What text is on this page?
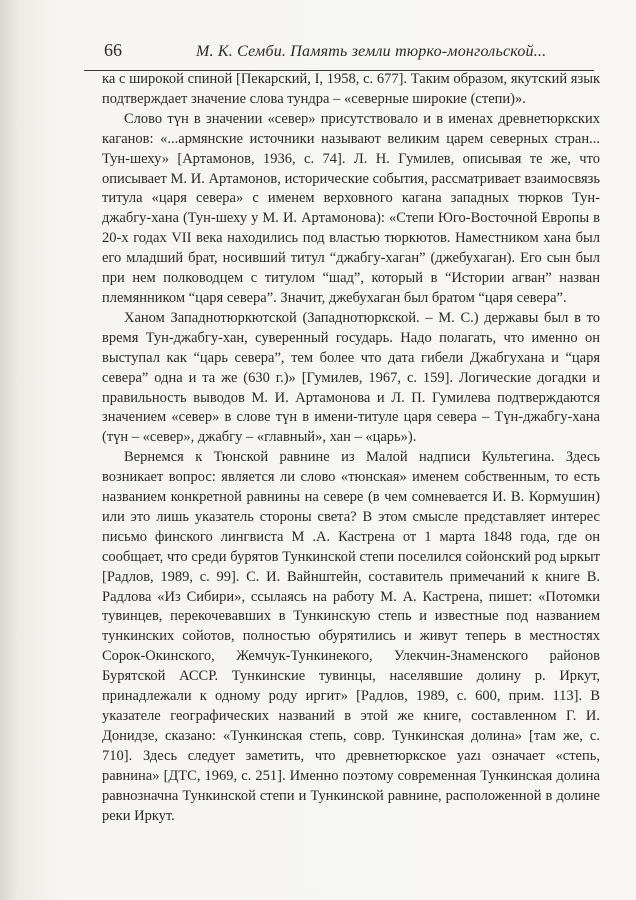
66	М. К. Семби. Память земли тюрко-монгольской...

ка с широкой спиной [Пекарский, I, 1958, с. 677]. Таким образом, якутский язык подтверждает значение слова тундра – «северные широкие (степи)».

Слово түн в значении «север» присутствовало и в именах древнетюркских каганов: «...армянские источники называют великим царем северных стран... Тун-шеху» [Артамонов, 1936, с. 74]. Л. Н. Гумилев, описывая те же, что описывает М. И. Артамонов, исторические события, рассматривает взаимосвязь титула «царя севера» с именем верховного кагана западных тюрков Тун-джабгу-хана (Тун-шеху у М. И. Артамонова): «Степи Юго-Восточной Европы в 20-х годах VII века находились под властью тюркютов. Наместником хана был его младший брат, носивший титул “джабгу-хаган” (джебухаган). Его сын был при нем полководцем с титулом “шад”, который в “Истории агван” назван племянником “царя севера”. Значит, джебухаган был братом “царя севера”.

Ханом Западнотюркютской (Западнотюркской. – М. С.) державы был в то время Тун-джабгу-хан, суверенный государь. Надо полагать, что именно он выступал как “царь севера”, тем более что дата гибели Джабгухана и “царя севера” одна и та же (630 г.)» [Гумилев, 1967, с. 159]. Логические догадки и правильность выводов М. И. Артамонова и Л. П. Гумилева подтверждаются значением «север» в слове түн в имени-титуле царя севера – Түн-джабгу-хана (түн – «север», джабгу – «главный», хан – «царь»).

Вернемся к Тюнской равнине из Малой надписи Культегина. Здесь возникает вопрос: является ли слово «тюнская» именем собственным, то есть названием конкретной равнины на севере (в чем сомневается И. В. Кормушин) или это лишь указатель стороны света? В этом смысле представляет интерес письмо финского лингвиста М .А. Кастрена от 1 марта 1848 года, где он сообщает, что среди бурятов Тункинской степи поселился сойонский род ыркыт [Радлов, 1989, с. 99]. С. И. Вайнштейн, составитель примечаний к книге В. Радлова «Из Сибири», ссылаясь на работу М. А. Кастрена, пишет: «Потомки тувинцев, перекочевавших в Тункинскую степь и известные под названием тункинских сойотов, полностью обурятились и живут теперь в местностях Сорок-Окинского, Жемчук-Тункинекого, Улекчин-Знаменского районов Бурятской АССР. Тункинские тувинцы, населявшие долину р. Иркут, принадлежали к одному роду иргит» [Радлов, 1989, с. 600, прим. 113]. В указателе географических названий в этой же книге, составленном Г. И. Донидзе, сказано: «Тункинская степь, совр. Тункинская долина» [там же, с. 710]. Здесь следует заметить, что древнетюркское yazı означает «степь, равнина» [ДТС, 1969, с. 251]. Именно поэтому современная Тункинская долина равнозначна Тункинской степи и Тункинской равнине, расположенной в долине реки Иркут.
